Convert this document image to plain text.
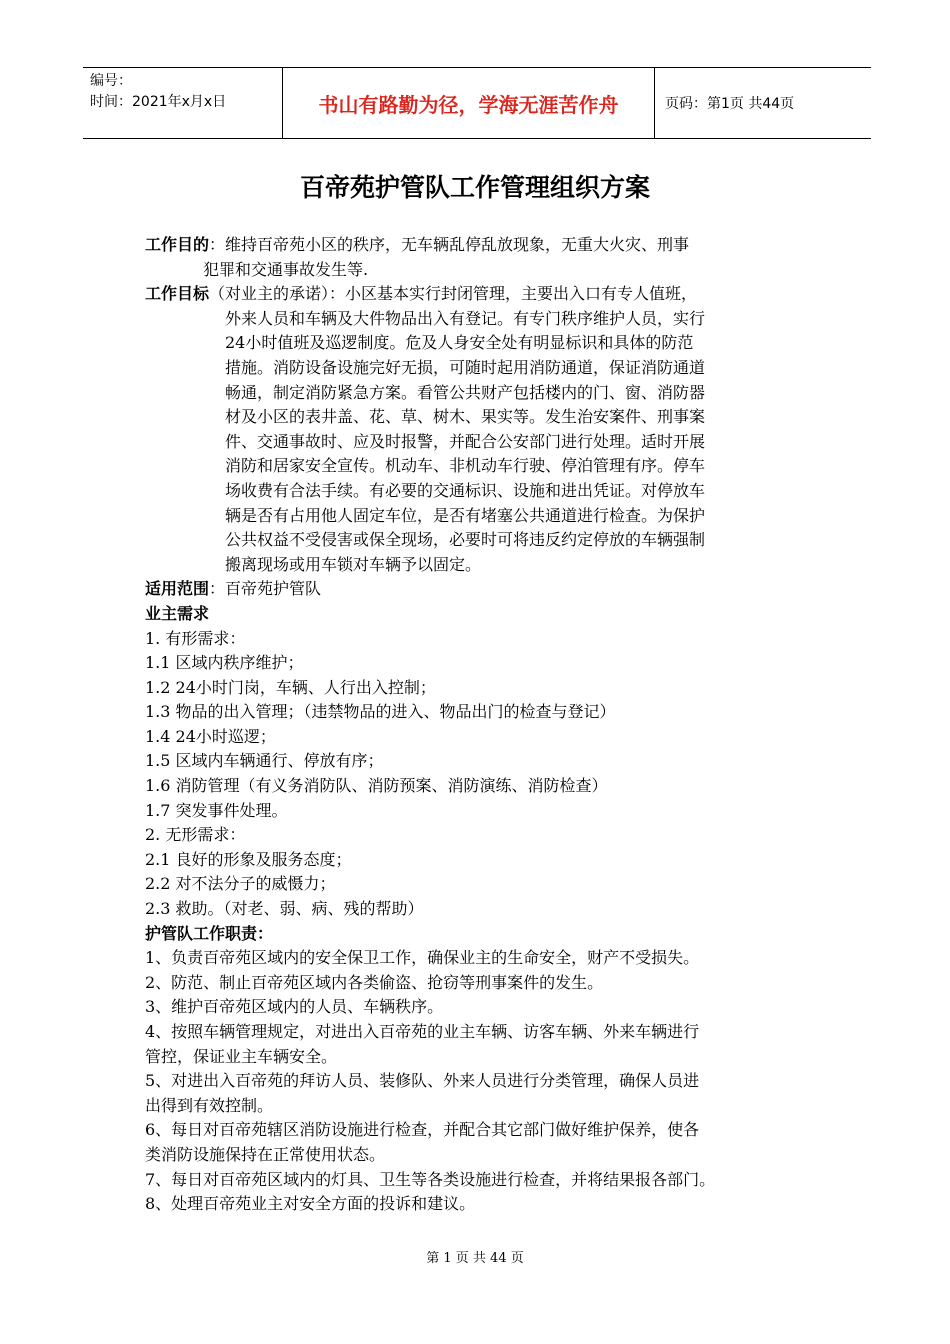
编号：
时间：2021年x月x日	书山有路勤为径，学海无涯苦作舟	页码：第1页 共44页
百帝苑护管队工作管理组织方案
工作目的：维持百帝苑小区的秩序，无车辆乱停乱放现象，无重大火灾、刑事
犯罪和交通事故发生等.
工作目标（对业主的承诺）：小区基本实行封闭管理，主要出入口有专人值班，
外来人员和车辆及大件物品出入有登记。有专门秩序维护人员，实行
24小时值班及巡逻制度。危及人身安全处有明显标识和具体的防范
措施。消防设备设施完好无损，可随时起用消防通道，保证消防通道
畅通，制定消防紧急方案。看管公共财产包括楼内的门、窗、消防器
材及小区的表井盖、花、草、树木、果实等。发生治安案件、刑事案
件、交通事故时、应及时报警，并配合公安部门进行处理。适时开展
消防和居家安全宣传。机动车、非机动车行驶、停泊管理有序。停车
场收费有合法手续。有必要的交通标识、设施和进出凭证。对停放车
辆是否有占用他人固定车位，是否有堵塞公共通道进行检查。为保护
公共权益不受侵害或保全现场，必要时可将违反约定停放的车辆强制
搬离现场或用车锁对车辆予以固定。
适用范围：百帝苑护管队
业主需求
1. 有形需求：
1.1 区域内秩序维护；
1.2 24小时门岗，车辆、人行出入控制；
1.3 物品的出入管理；（违禁物品的进入、物品出门的检查与登记）
1.4 24小时巡逻；
1.5 区域内车辆通行、停放有序；
1.6 消防管理（有义务消防队、消防预案、消防演练、消防检查）
1.7 突发事件处理。
2. 无形需求：
2.1 良好的形象及服务态度；
2.2 对不法分子的威慑力；
2.3 救助。（对老、弱、病、残的帮助）
护管队工作职责：
1、负责百帝苑区域内的安全保卫工作，确保业主的生命安全，财产不受损失。
2、防范、制止百帝苑区域内各类偷盗、抢窃等刑事案件的发生。
3、维护百帝苑区域内的人员、车辆秩序。
4、按照车辆管理规定，对进出入百帝苑的业主车辆、访客车辆、外来车辆进行
管控，保证业主车辆安全。
5、对进出入百帝苑的拜访人员、装修队、外来人员进行分类管理，确保人员进
出得到有效控制。
6、每日对百帝苑辖区消防设施进行检查，并配合其它部门做好维护保养，使各
类消防设施保持在正常使用状态。
7、每日对百帝苑区域内的灯具、卫生等各类设施进行检查，并将结果报各部门。
8、处理百帝苑业主对安全方面的投诉和建议。
第 1 页 共 44 页
